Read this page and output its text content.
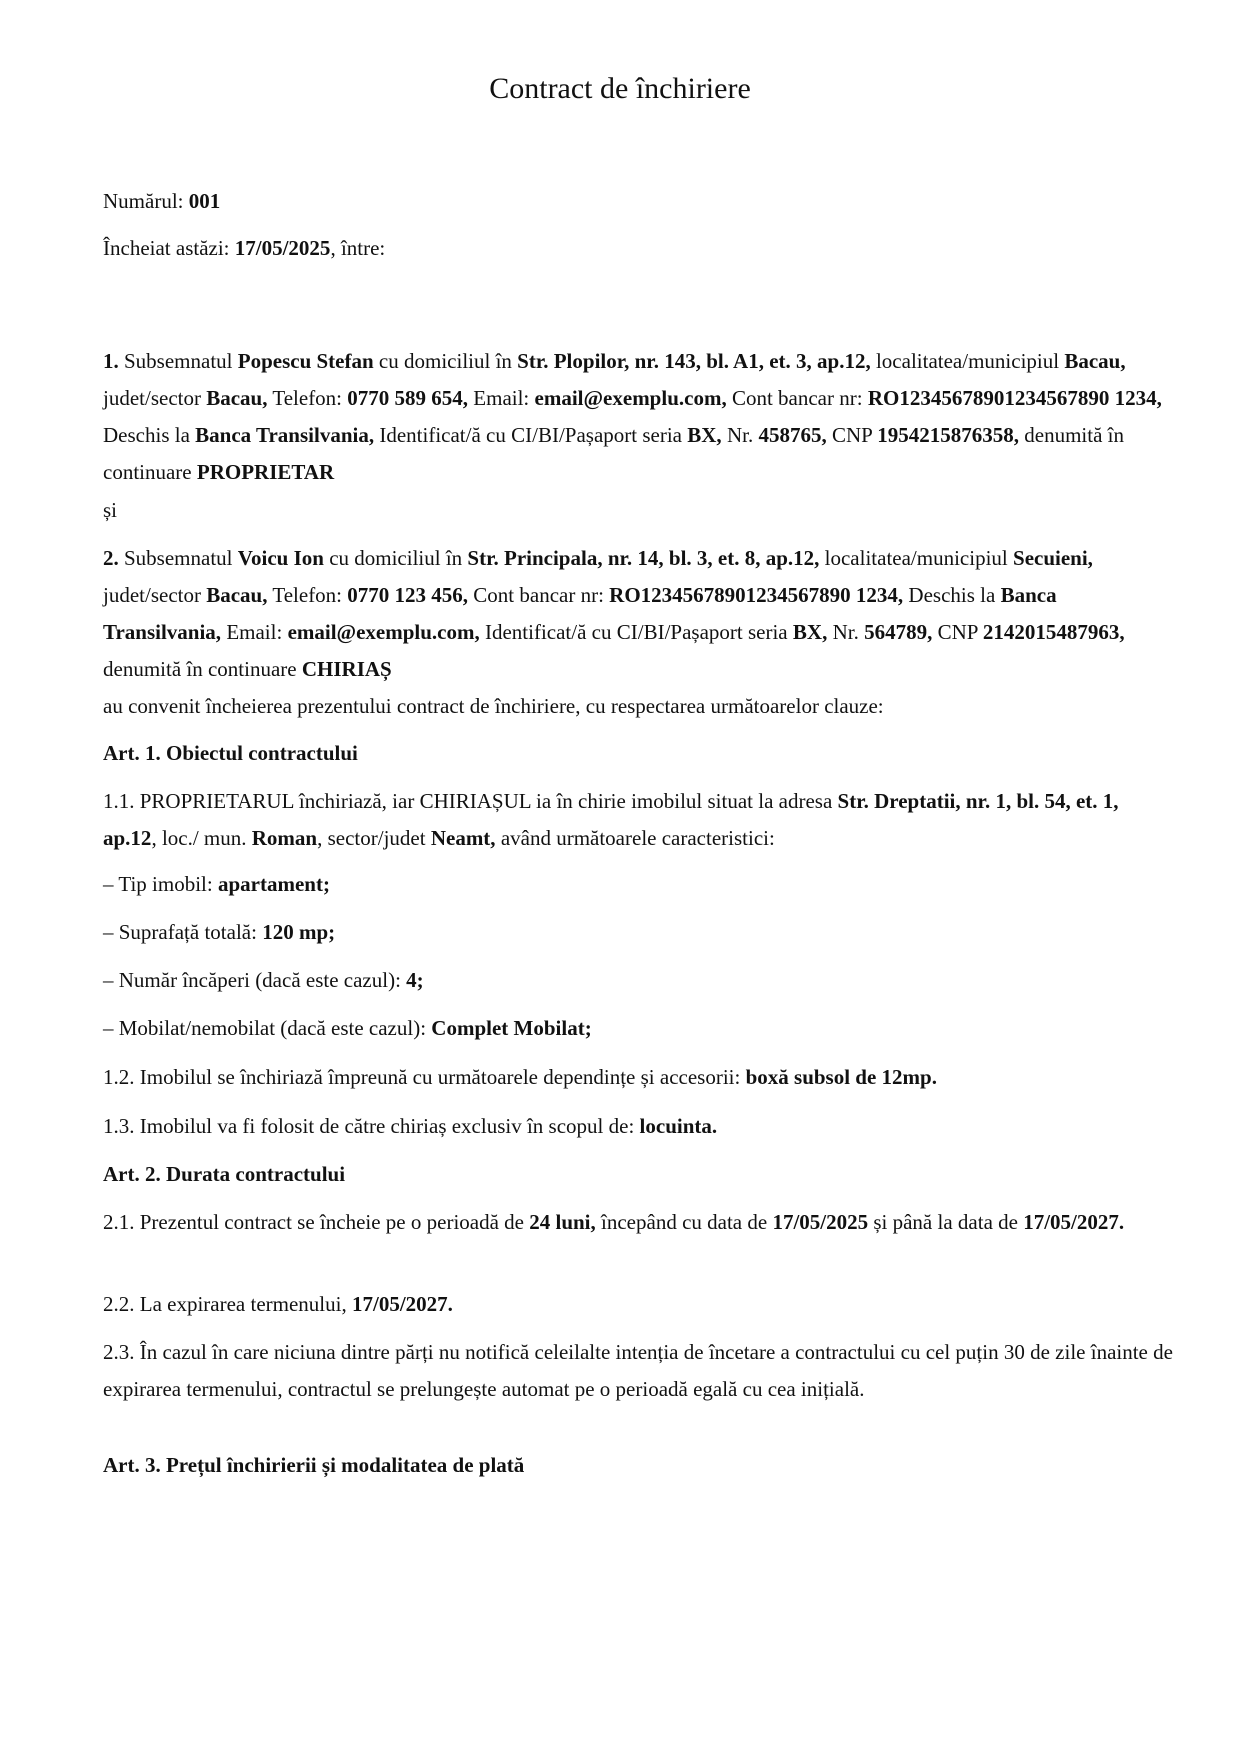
Contract de închiriere

Numărul: 001

Încheiat astăzi: 17/05/2025, între:

1. Subsemnatul Popescu Stefan cu domiciliul în Str. Plopilor, nr. 143, bl. A1, et. 3, ap.12, localitatea/municipiul Bacau, judet/sector Bacau, Telefon: 0770 589 654, Email: email@exemplu.com, Cont bancar nr: RO12345678901234567890 1234, Deschis la Banca Transilvania, Identificat/ă cu CI/BI/Pașaport seria BX, Nr. 458765, CNP 1954215876358, denumită în continuare PROPRIETAR

și

2. Subsemnatul Voicu Ion cu domiciliul în Str. Principala, nr. 14, bl. 3, et. 8, ap.12, localitatea/municipiul Secuieni, judet/sector Bacau, Telefon: 0770 123 456, Cont bancar nr: RO12345678901234567890 1234, Deschis la Banca Transilvania, Email: email@exemplu.com, Identificat/ă cu CI/BI/Pașaport seria BX, Nr. 564789, CNP 2142015487963, denumită în continuare CHIRIAȘ

au convenit încheierea prezentului contract de închiriere, cu respectarea următoarelor clauze:

Art. 1. Obiectul contractului

1.1. PROPRIETARUL închiriază, iar CHIRIAȘUL ia în chirie imobilul situat la adresa Str. Dreptatii, nr. 1, bl. 54, et. 1, ap.12, loc./ mun. Roman, sector/judet Neamt, având următoarele caracteristici:

– Tip imobil: apartament;

– Suprafață totală: 120 mp;

– Număr încăperi (dacă este cazul): 4;

– Mobilat/nemobilat (dacă este cazul): Complet Mobilat;

1.2. Imobilul se închiriază împreună cu următoarele dependințe și accesorii: boxă subsol de 12mp.

1.3. Imobilul va fi folosit de către chiriaș exclusiv în scopul de: locuinta.

Art. 2. Durata contractului

2.1. Prezentul contract se încheie pe o perioadă de 24 luni, începând cu data de 17/05/2025 și până la data de 17/05/2027.

2.2. La expirarea termenului, 17/05/2027.

2.3. În cazul în care niciuna dintre părți nu notifică celeilalte intenția de încetare a contractului cu cel puțin 30 de zile înainte de expirarea termenului, contractul se prelungește automat pe o perioadă egală cu cea inițială.

Art. 3. Prețul închirierii și modalitatea de plată
